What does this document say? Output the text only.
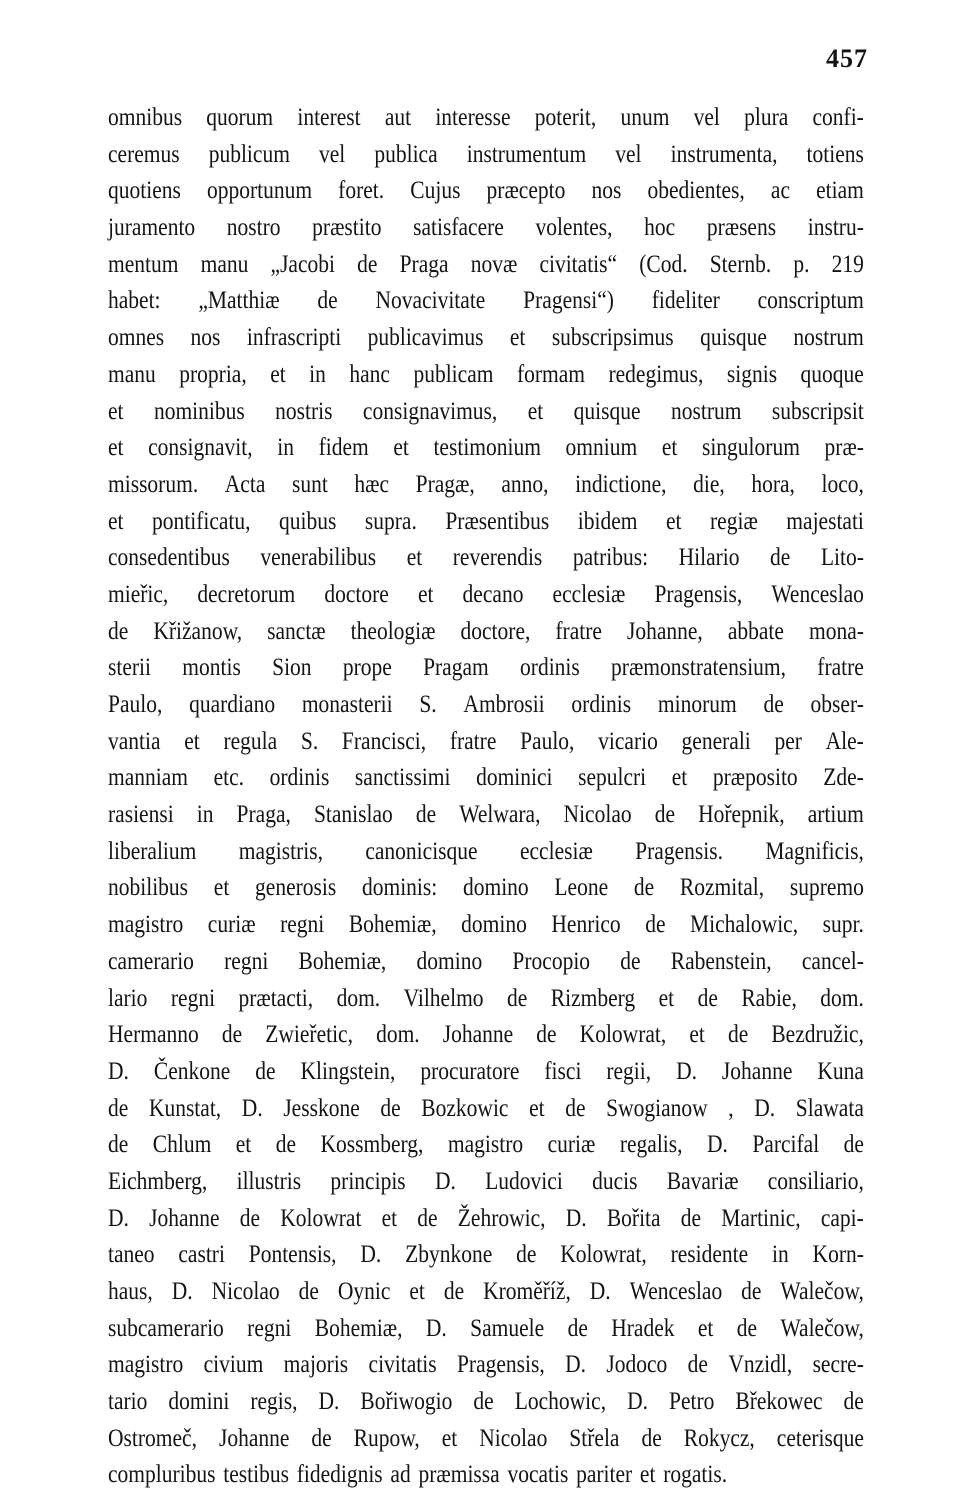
457
omnibus quorum interest aut interesse poterit, unum vel plura confi-
ceremus publicum vel publica instrumentum vel instrumenta, totiens
quotiens opportunum foret. Cujus præcepto nos obedientes, ac etiam
juramento nostro præstito satisfacere volentes, hoc præsens instru-
mentum manu „Jacobi de Praga novæ civitatis“ (Cod. Sternb. p. 219
habet: „Matthiæ de Novacivitate Pragensi“) fideliter conscriptum
omnes nos infrascripti publicavimus et subscripsimus quisque nostrum
manu propria, et in hanc publicam formam redegimus, signis quoque
et nominibus nostris consignavimus, et quisque nostrum subscripsit
et consignavit, in fidem et testimonium omnium et singulorum præ-
missorum. Acta sunt hæc Pragæ, anno, indictione, die, hora, loco,
et pontificatu, quibus supra. Præsentibus ibidem et regiæ majestati
consedentibus venerabilibus et reverendis patribus: Hilario de Lito-
mieřic, decretorum doctore et decano ecclesiæ Pragensis, Wenceslao
de Křižanow, sanctæ theologiæ doctore, fratre Johanne, abbate mona-
sterii montis Sion prope Pragam ordinis præmonstratensium, fratre
Paulo, quardiano monasterii S. Ambrosii ordinis minorum de obser-
vantia et regula S. Francisci, fratre Paulo, vicario generali per Ale-
manniam etc. ordinis sanctissimi dominici sepulcri et præposito Zde-
rasiensi in Praga, Stanislao de Welwara, Nicolao de Hořepnik, artium
liberalium magistris, canonicisque ecclesiæ Pragensis. Magnificis,
nobilibus et generosis dominis: domino Leone de Rozmital, supremo
magistro curiæ regni Bohemiæ, domino Henrico de Michalowic, supr.
camerario regni Bohemiæ, domino Procopio de Rabenstein, cancel-
lario regni prætacti, dom. Vilhelmo de Rizmberg et de Rabie, dom.
Hermanno de Zwieřetic, dom. Johanne de Kolowrat, et de Bezdružic,
D. Čenkone de Klingstein, procuratore fisci regii, D. Johanne Kuna
de Kunstat, D. Jesskone de Bozkowic et de Swogianow , D. Slawata
de Chlum et de Kossmberg, magistro curiæ regalis, D. Parcifal de
Eichmberg, illustris principis D. Ludovici ducis Bavariæ consiliario,
D. Johanne de Kolowrat et de Žehrowic, D. Bořita de Martinic, capi-
taneo castri Pontensis, D. Zbynkone de Kolowrat, residente in Korn-
haus, D. Nicolao de Oynic et de Kroměříž, D. Wenceslao de Walečow,
subcamerario regni Bohemiæ, D. Samuele de Hradek et de Walečow,
magistro civium majoris civitatis Pragensis, D. Jodoco de Vnzidl, secre-
tario domini regis, D. Bořiwogio de Lochowic, D. Petro Břekowec de
Ostromeč, Johanne de Rupow, et Nicolao Střela de Rokycz, ceterisque
compluribus testibus fidedignis ad præmissa vocatis pariter et rogatis.
